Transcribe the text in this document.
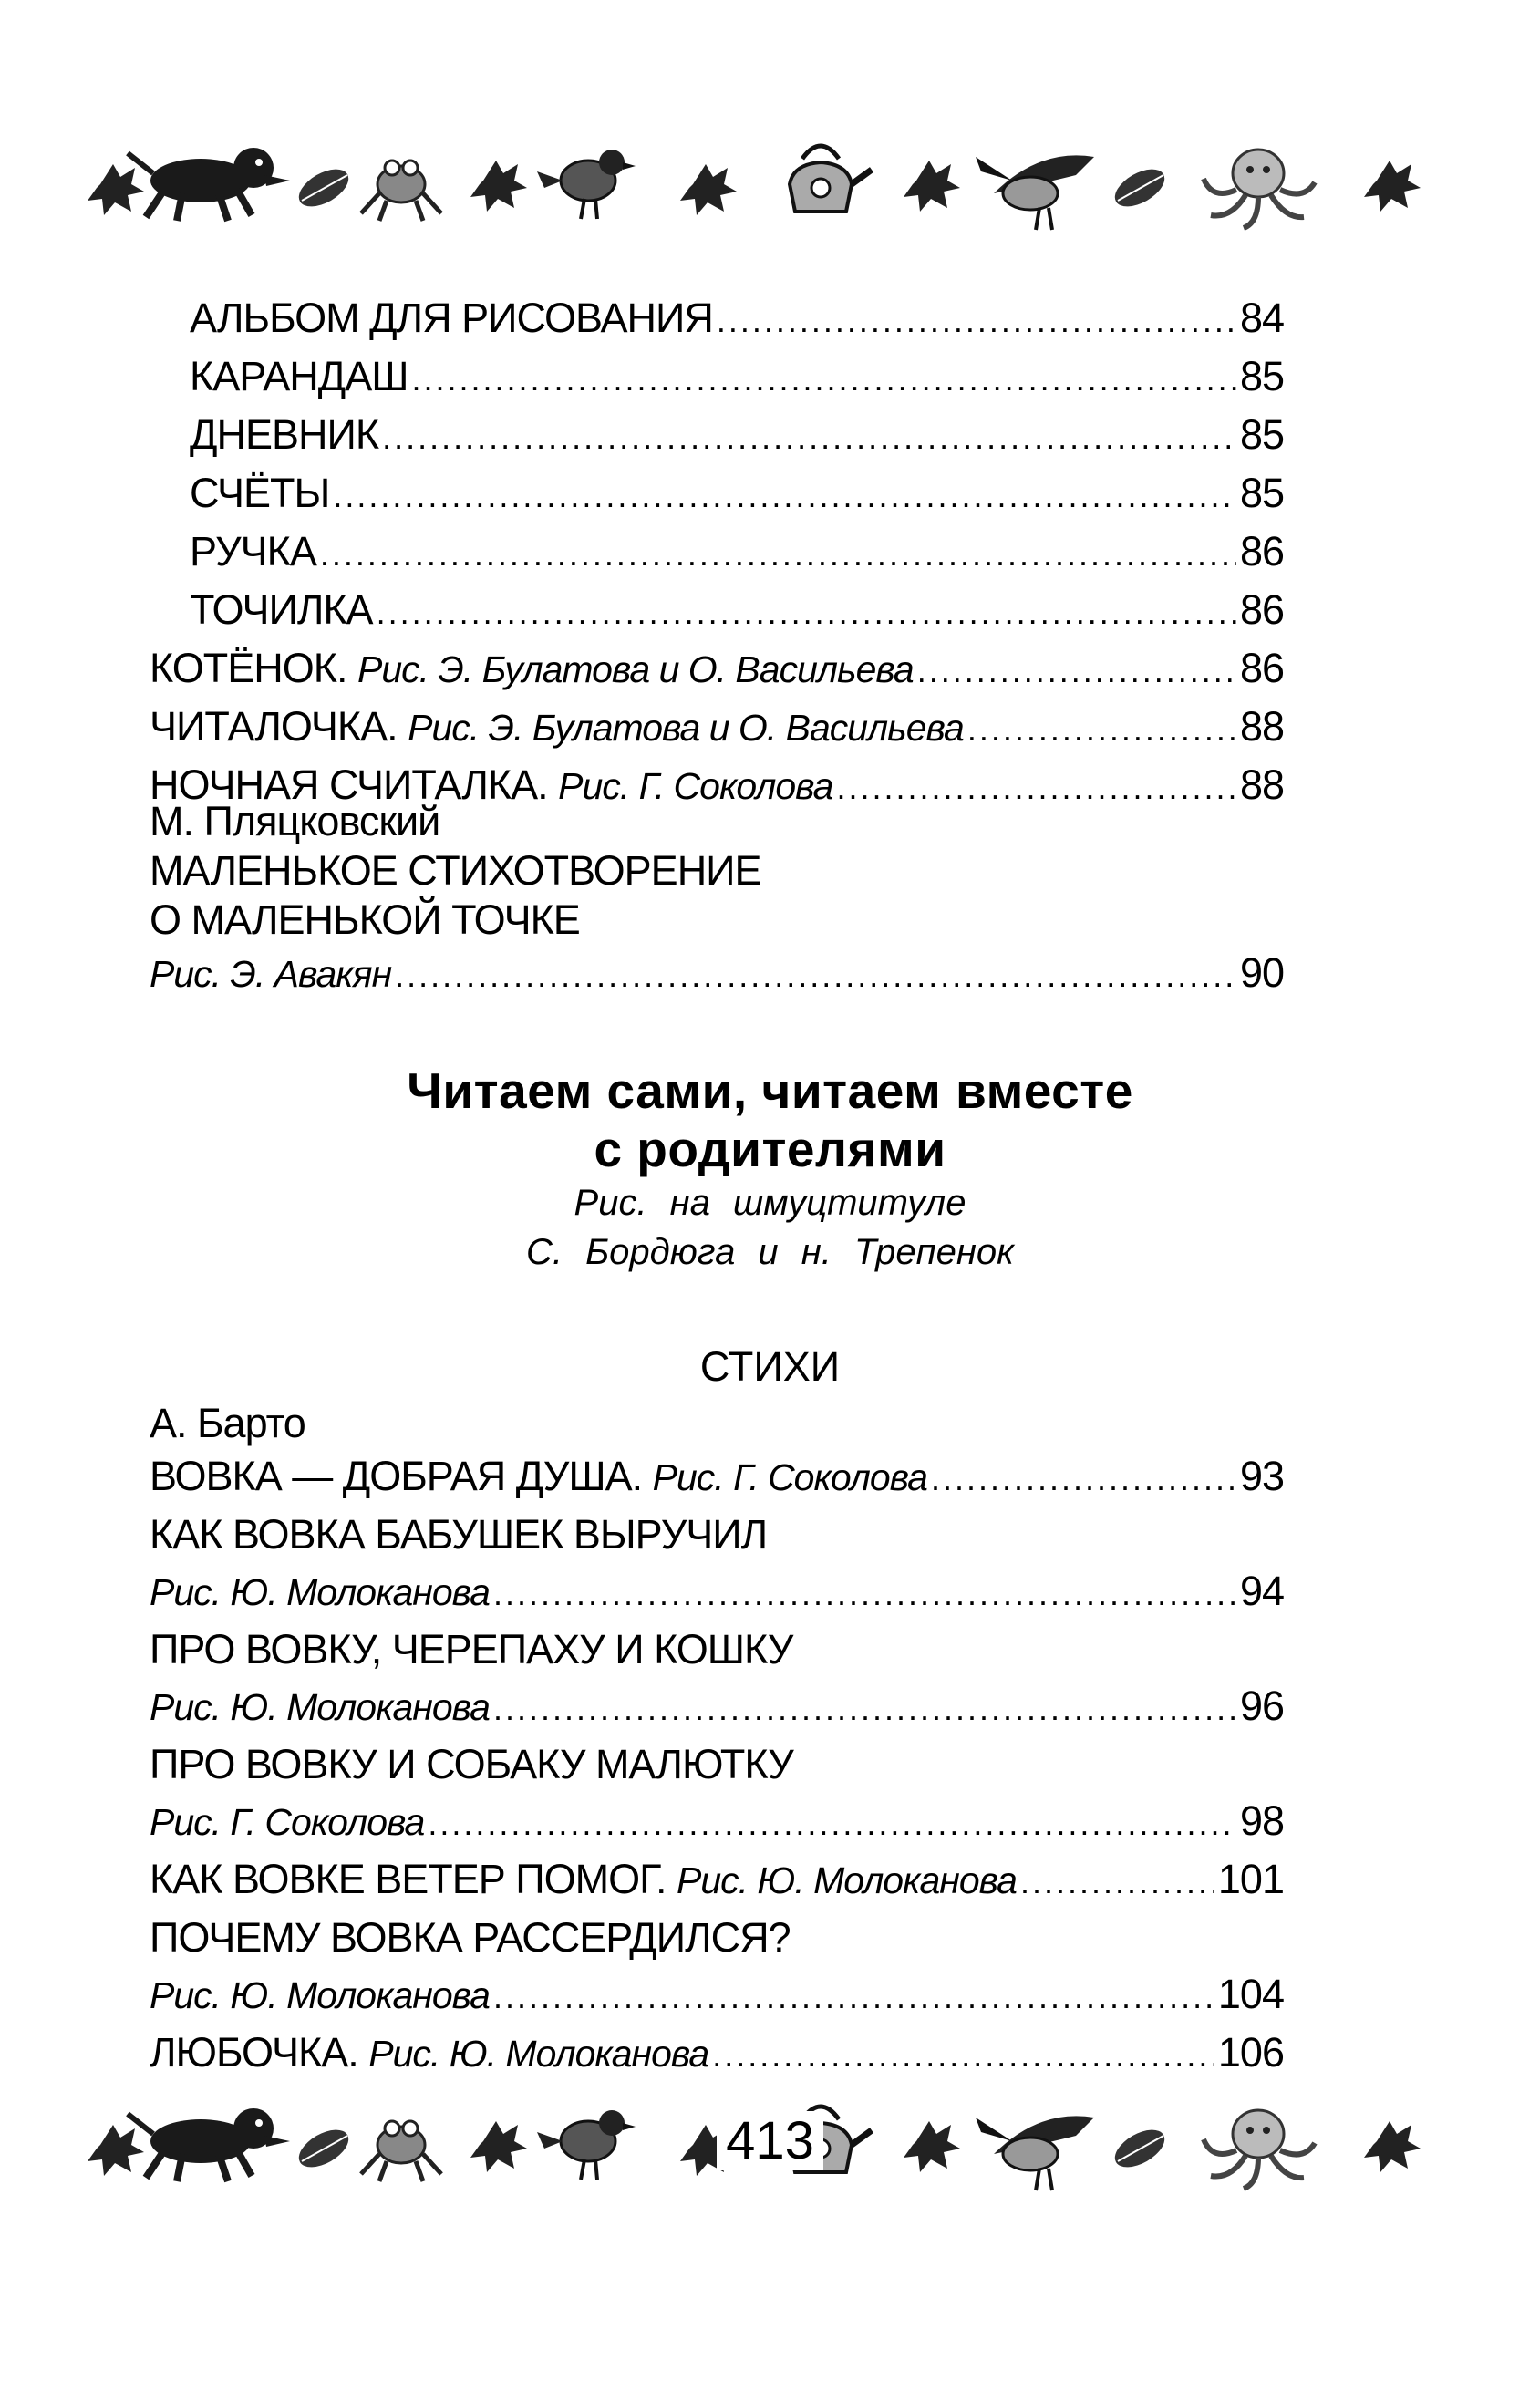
АЛЬБОМ ДЛЯ РИСОВАНИЯ .....	84
КАРАНДАШ .....	85
ДНЕВНИК .....	85
СЧЁТЫ .....	85
РУЧКА .....	86
ТОЧИЛКА .....	86
КОТЁНОК. Рис. Э. Булатова и О. Васильева .....	86
ЧИТАЛОЧКА. Рис. Э. Булатова и О. Васильева .....	88
НОЧНАЯ СЧИТАЛКА. Рис. Г. Соколова .....	88
М. Пляцковский
МАЛЕНЬКОЕ СТИХОТВОРЕНИЕ
О МАЛЕНЬКОЙ ТОЧКЕ
Рис. Э. Авакян .....	90
Читаем сами, читаем вместе
с родителями
Рис. на шмуцтитуле
С. Бордюга и н. Трепенок
СТИХИ
А. Барто
ВОВКА — ДОБРАЯ ДУША. Рис. Г. Соколова .....	93
КАК ВОВКА БАБУШЕК ВЫРУЧИЛ
Рис. Ю. Молоканова .....	94
ПРО ВОВКУ, ЧЕРЕПАХУ И КОШКУ
Рис. Ю. Молоканова .....	96
ПРО ВОВКУ И СОБАКУ МАЛЮТКУ
Рис. Г. Соколова .....	98
КАК ВОВКЕ ВЕТЕР ПОМОГ. Рис. Ю. Молоканова .....	101
ПОЧЕМУ ВОВКА РАССЕРДИЛСЯ?
Рис. Ю. Молоканова .....	104
ЛЮБОЧКА. Рис. Ю. Молоканова .....	106
413
